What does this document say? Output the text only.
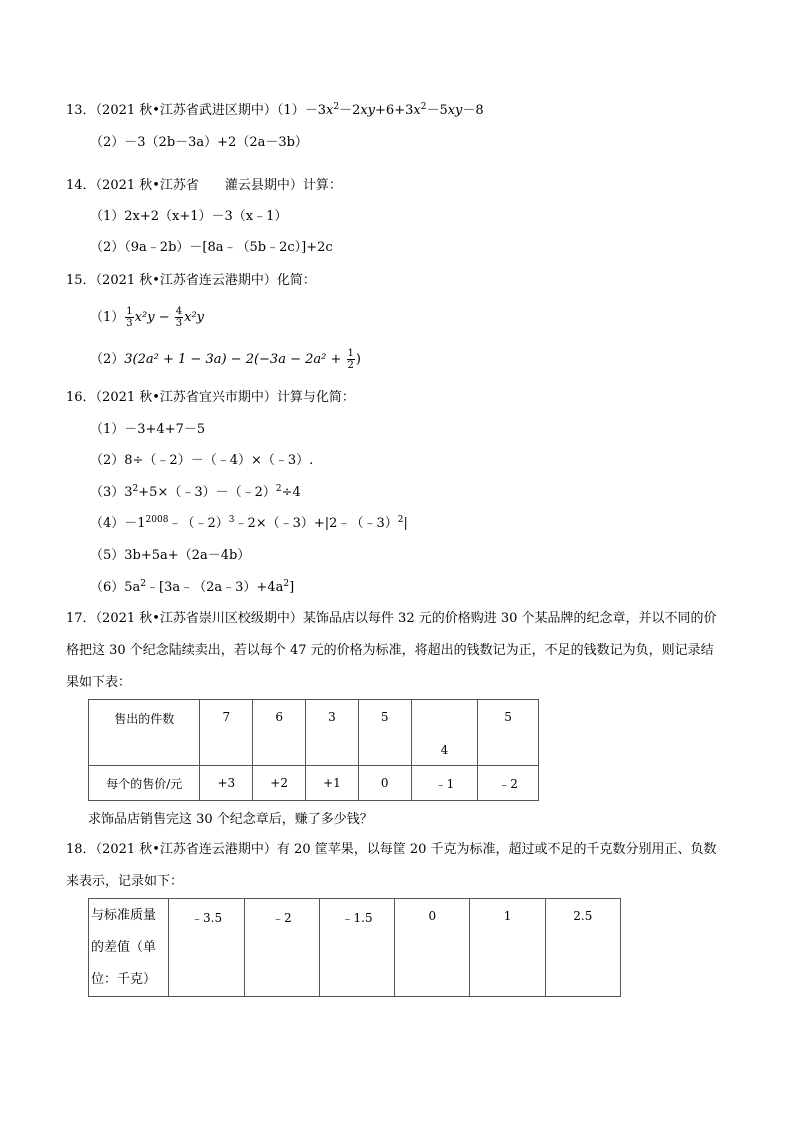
13．（2021 秋•江苏省武进区期中）$(1)-3x^2-2xy+6+3x^2-5xy-8$
（2）－3（2b－3a）+2（2a－3b）
14．（2021 秋•江苏省　　灌云县期中）计算：
（1）2x+2（x+1）－3（x﹣1）
（2）（9a﹣2b）－[8a﹣（5b﹣2c）]+2c
15．（2021 秋•江苏省连云港期中）化简：
$(1) \frac{1}{3} x^2y - \frac{4}{3} x^2y$
$(2)3(2a^2 + 1 - 3a) - 2(-3a - 2a^2 + \frac{1}{2}$ )
16．（2021 秋•江苏省宜兴市期中）计算与化简：
（1）－3+4+7－5
（2）8÷（﹣2）－（﹣4）×（﹣3）.
$(3)3^2+5\times(﹣3)-(﹣2)^2\div 4$
$(4)-1^{2008}﹣(﹣2)^3﹣2\times(﹣3)+|2﹣(﹣3)^2|$
（5）3b+5a+（2a－4b）
$(6)5a^2﹣[3a﹣(2a﹣3)+4a^2]$
17．（2021 秋•江苏省崇川区校级期中）某饰品店以每件 32 元的价格购进 30 个某品牌的纪念章，并以不同的价格把这 30 个纪念陆续卖出，若以每个 47 元的价格为标准，将超出的钱数记为正，不足的钱数记为负，则记录结果如下表：
售出的件数	7	6	3	5	4	5
每个的售价/元	+3	+2	+1	0	﹣1	﹣2
求饰品店销售完这 30 个纪念章后，赚了多少钱？
18．（2021 秋•江苏省连云港期中）有 20 筐苹果，以每筐 20 千克为标准，超过或不足的千克数分别用正、负数来表示，记录如下：
与标准质量的差值（单位：千克）	﹣3.5	﹣2	﹣1.5	0	1	2.5
